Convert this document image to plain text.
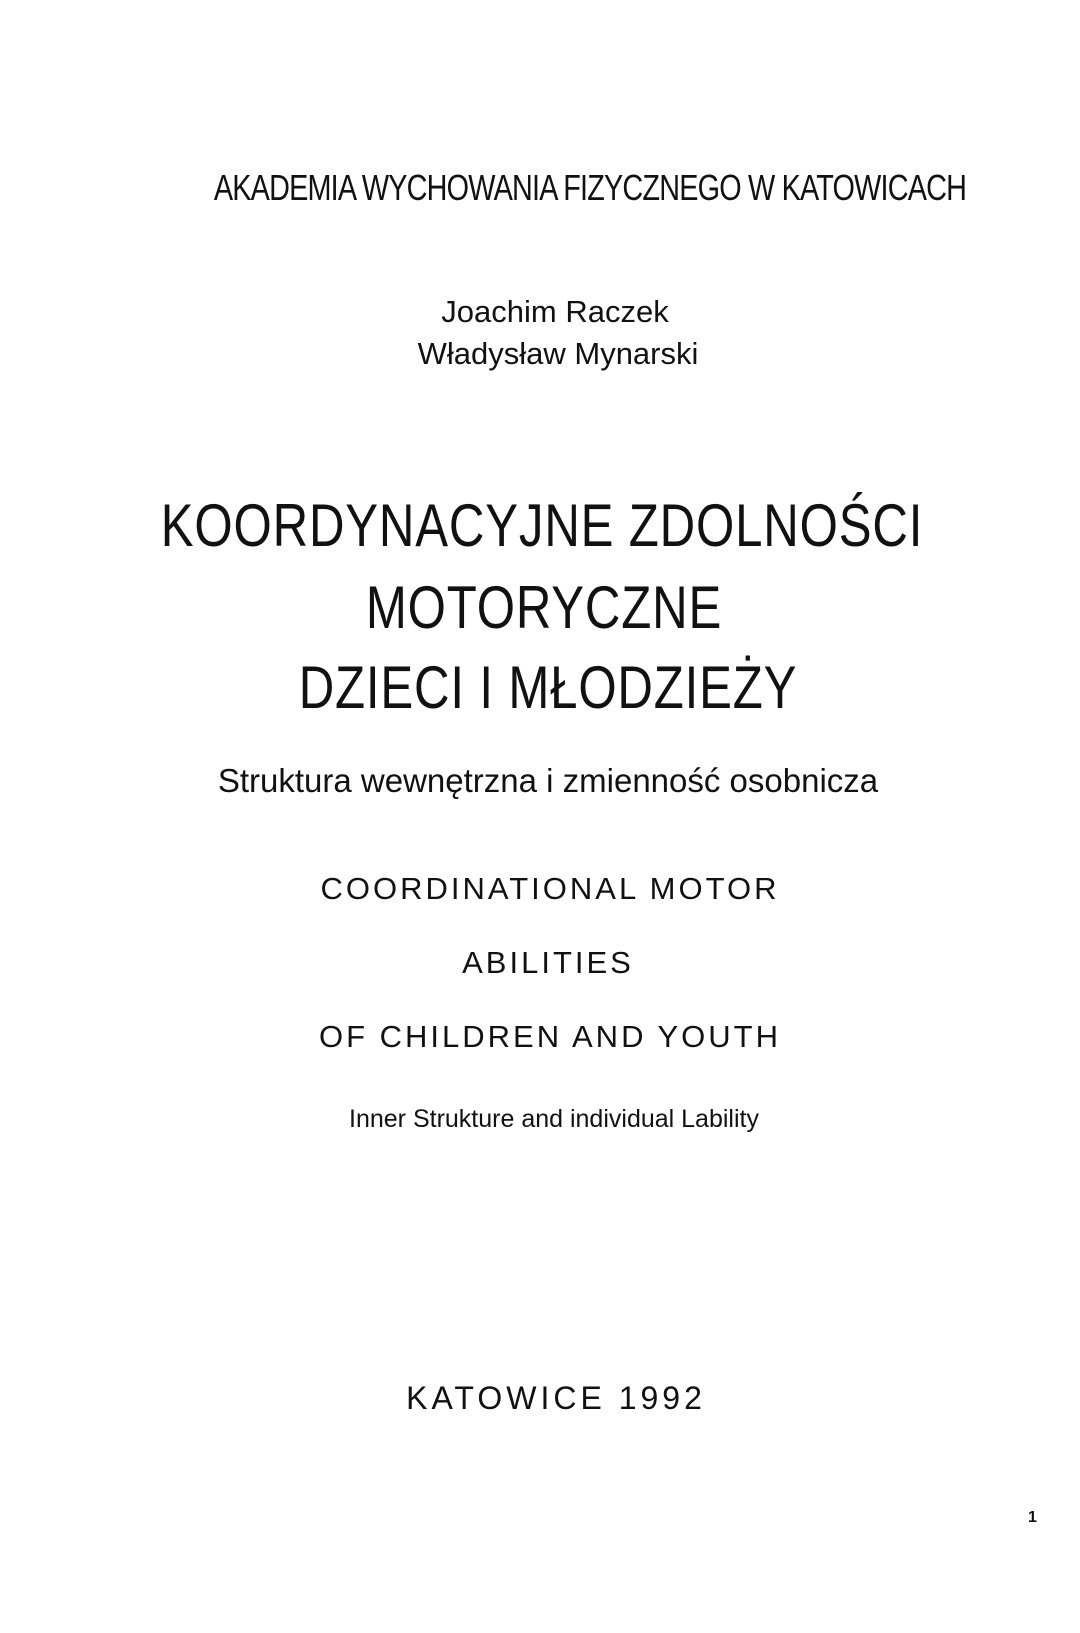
AKADEMIA WYCHOWANIA FIZYCZNEGO W KATOWICACH
Joachim Raczek
Władysław Mynarski
KOORDYNACYJNE ZDOLNOŚCI
MOTORYCZNE
DZIECI I MŁODZIEŻY
Struktura wewnętrzna i zmienność osobnicza
COORDINATIONAL MOTOR
ABILITIES
OF CHILDREN AND YOUTH
Inner Strukture and individual Lability
KATOWICE 1992
1
